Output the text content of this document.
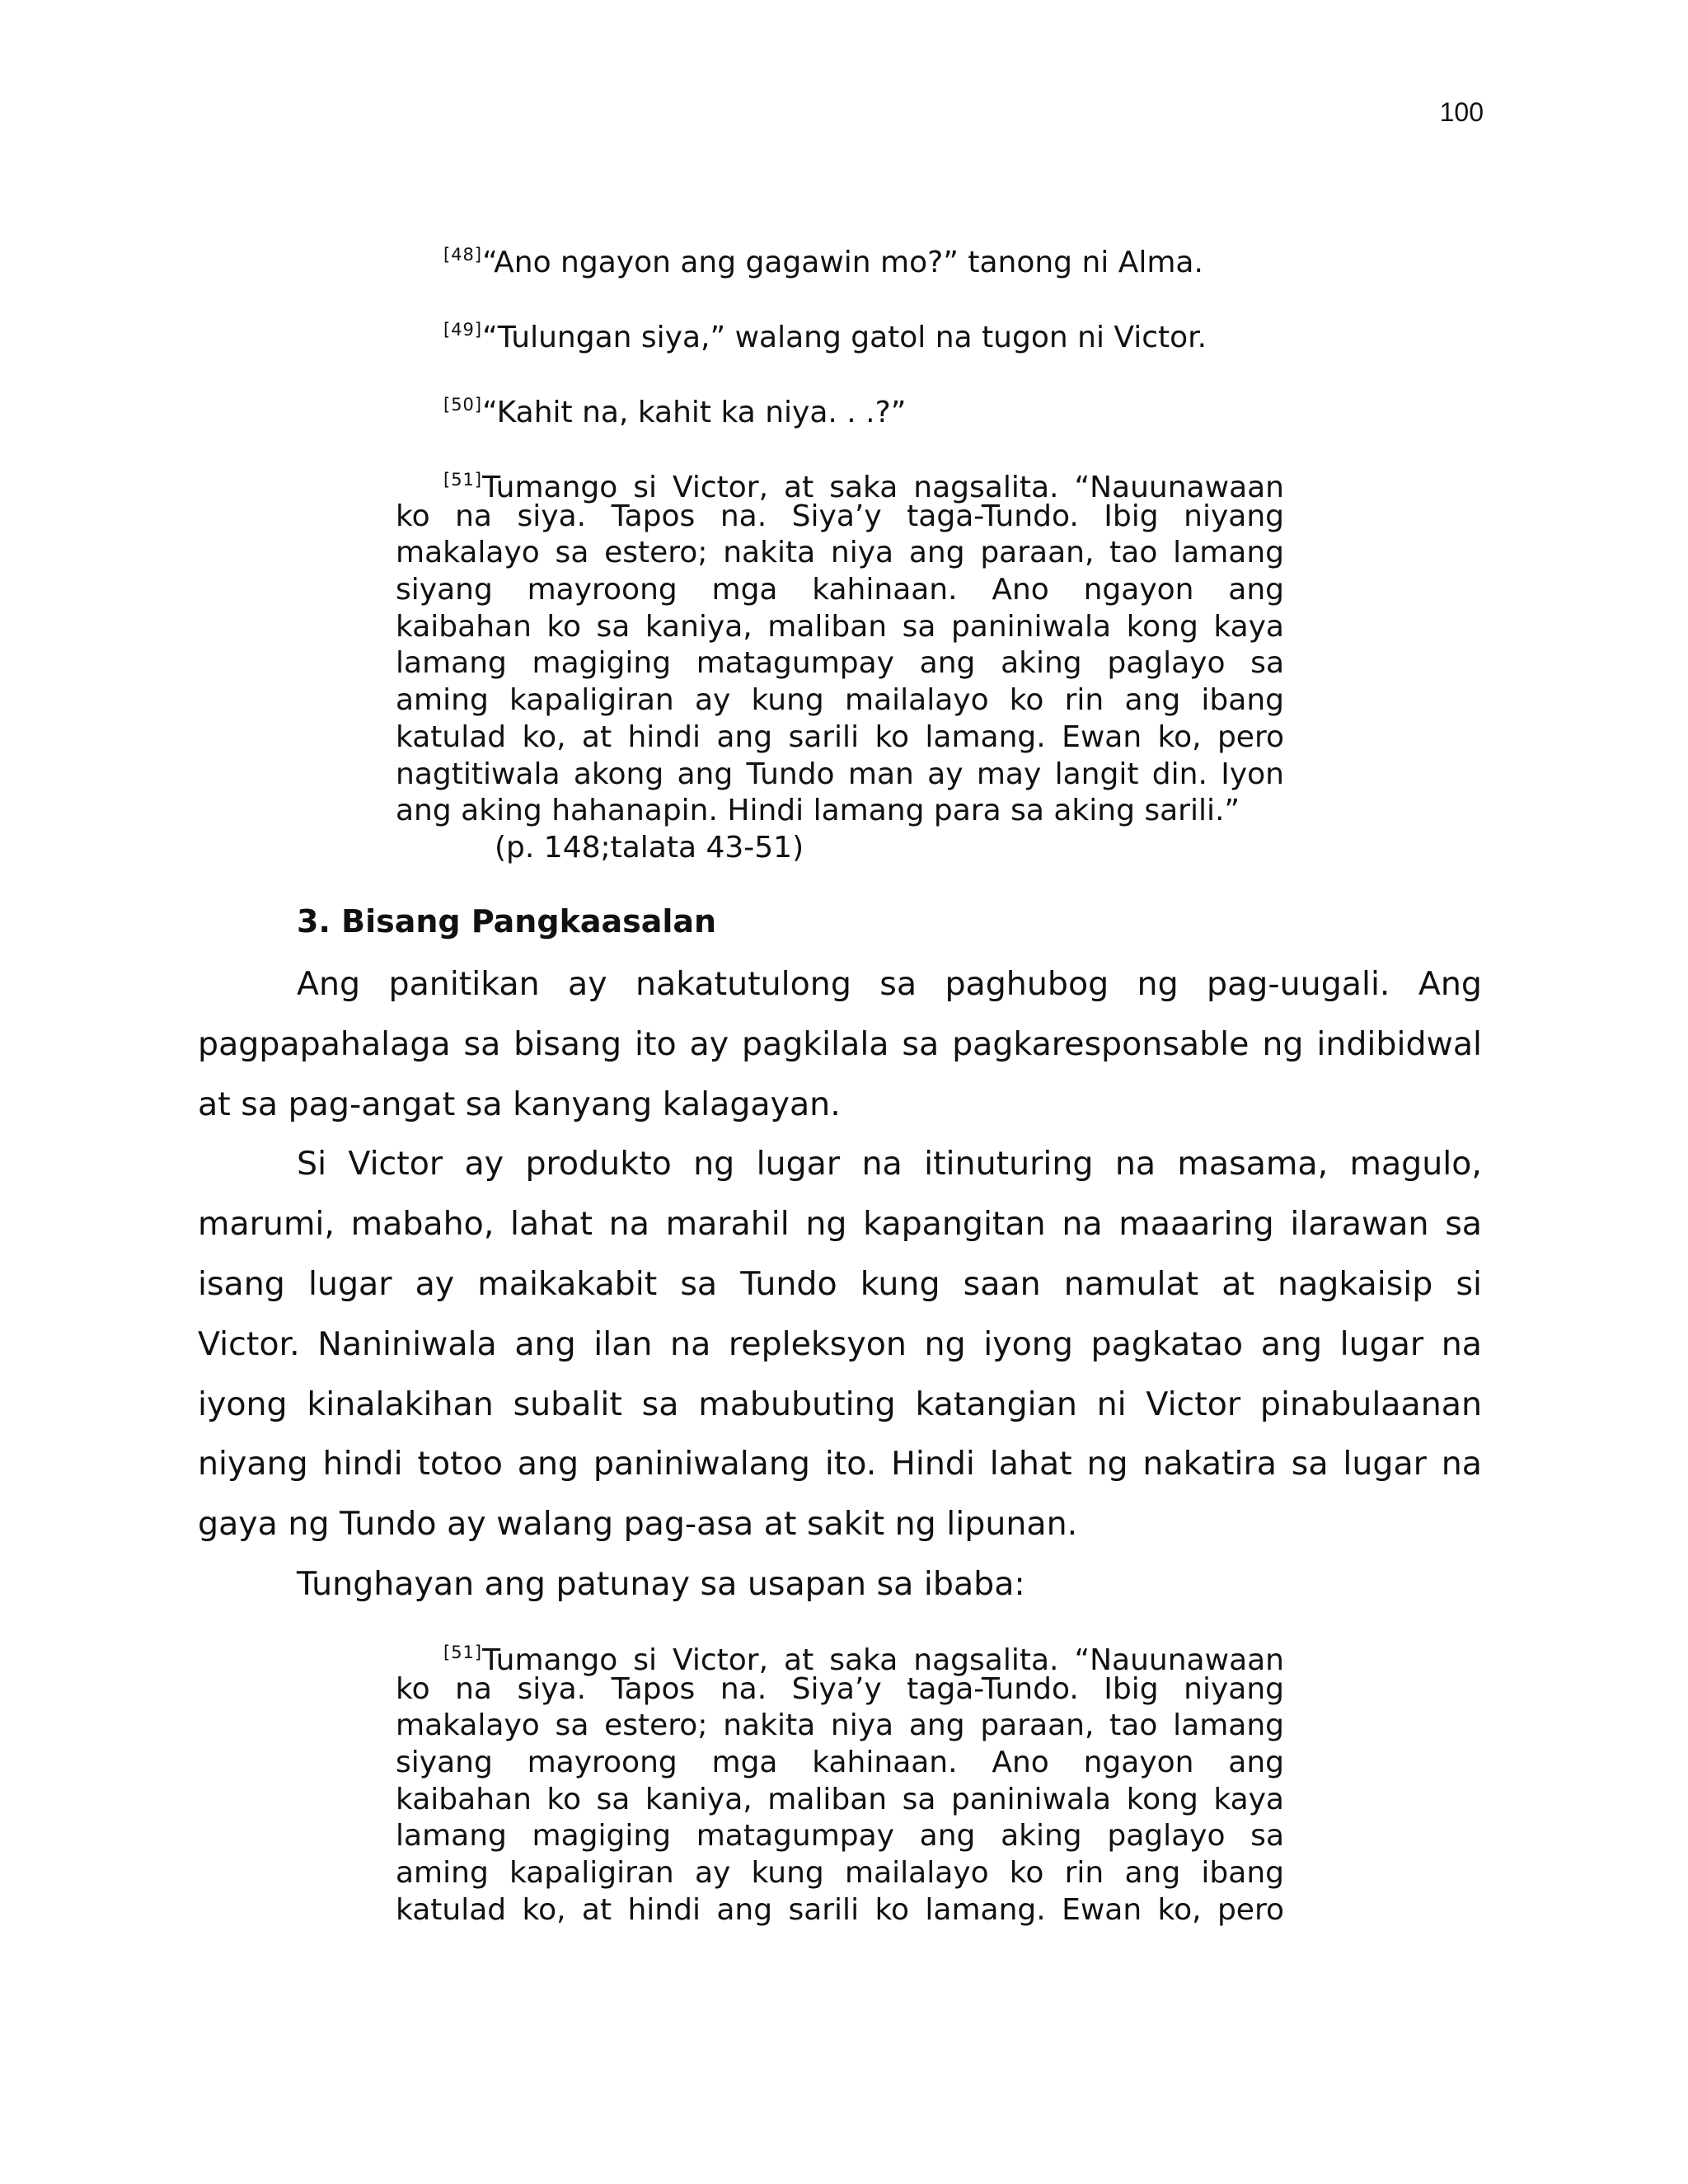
100
[48]“Ano ngayon ang gagawin mo?” tanong ni Alma.
[49]“Tulungan siya,” walang gatol na tugon ni Victor.
[50]“Kahit na, kahit ka niya. . .?”
[51]Tumango si Victor, at saka nagsalita. “Nauunawaan
ko na siya. Tapos na. Siya’y taga-Tundo. Ibig niyang
makalayo sa estero; nakita niya ang paraan, tao lamang
siyang mayroong mga kahinaan. Ano ngayon ang
kaibahan ko sa kaniya, maliban sa paniniwala kong kaya
lamang magiging matagumpay ang aking paglayo sa
aming kapaligiran ay kung mailalayo ko rin ang ibang
katulad ko, at hindi ang sarili ko lamang. Ewan ko, pero
nagtitiwala akong ang Tundo man ay may langit din. Iyon
ang aking hahanapin. Hindi lamang para sa aking sarili.”
(p. 148;talata 43-51)
3. Bisang Pangkaasalan
Ang panitikan ay nakatutulong sa paghubog ng pag-uugali. Ang
pagpapahalaga sa bisang ito ay pagkilala sa pagkaresponsable ng indibidwal
at sa pag-angat sa kanyang kalagayan.
Si Victor ay produkto ng lugar na itinuturing na masama, magulo,
marumi, mabaho, lahat na marahil ng kapangitan na maaaring ilarawan sa
isang lugar ay maikakabit sa Tundo kung saan namulat at nagkaisip si
Victor. Naniniwala ang ilan na repleksyon ng iyong pagkatao ang lugar na
iyong kinalakihan subalit sa mabubuting katangian ni Victor pinabulaanan
niyang hindi totoo ang paniniwalang ito. Hindi lahat ng nakatira sa lugar na
gaya ng Tundo ay walang pag-asa at sakit ng lipunan.
Tunghayan ang patunay sa usapan sa ibaba:
[51]Tumango si Victor, at saka nagsalita. “Nauunawaan
ko na siya. Tapos na. Siya’y taga-Tundo. Ibig niyang
makalayo sa estero; nakita niya ang paraan, tao lamang
siyang mayroong mga kahinaan. Ano ngayon ang
kaibahan ko sa kaniya, maliban sa paniniwala kong kaya
lamang magiging matagumpay ang aking paglayo sa
aming kapaligiran ay kung mailalayo ko rin ang ibang
katulad ko, at hindi ang sarili ko lamang. Ewan ko, pero
